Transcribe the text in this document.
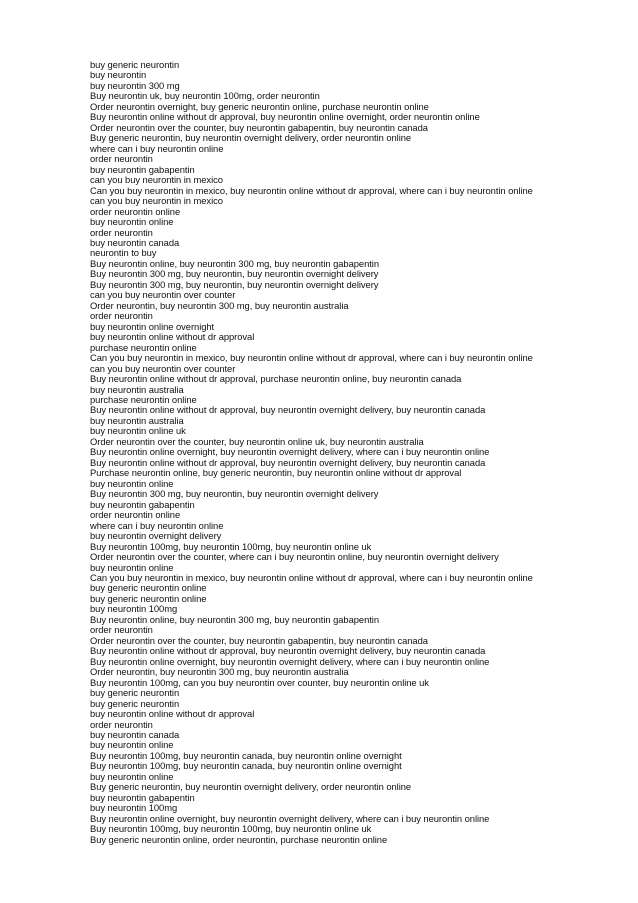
buy generic neurontin
buy neurontin
buy neurontin 300 mg
Buy neurontin uk, buy neurontin 100mg, order neurontin
Order neurontin overnight, buy generic neurontin online, purchase neurontin online
Buy neurontin online without dr approval, buy neurontin online overnight, order neurontin online
Order neurontin over the counter, buy neurontin gabapentin, buy neurontin canada
Buy generic neurontin, buy neurontin overnight delivery, order neurontin online
where can i buy neurontin online
order neurontin
buy neurontin gabapentin
can you buy neurontin in mexico
Can you buy neurontin in mexico, buy neurontin online without dr approval, where can i buy neurontin online
can you buy neurontin in mexico
order neurontin online
buy neurontin online
order neurontin
buy neurontin canada
neurontin to buy
Buy neurontin online, buy neurontin 300 mg, buy neurontin gabapentin
Buy neurontin 300 mg, buy neurontin, buy neurontin overnight delivery
Buy neurontin 300 mg, buy neurontin, buy neurontin overnight delivery
can you buy neurontin over counter
Order neurontin, buy neurontin 300 mg, buy neurontin australia
order neurontin
buy neurontin online overnight
buy neurontin online without dr approval
purchase neurontin online
Can you buy neurontin in mexico, buy neurontin online without dr approval, where can i buy neurontin online
can you buy neurontin over counter
Buy neurontin online without dr approval, purchase neurontin online, buy neurontin canada
buy neurontin australia
purchase neurontin online
Buy neurontin online without dr approval, buy neurontin overnight delivery, buy neurontin canada
buy neurontin australia
buy neurontin online uk
Order neurontin over the counter, buy neurontin online uk, buy neurontin australia
Buy neurontin online overnight, buy neurontin overnight delivery, where can i buy neurontin online
Buy neurontin online without dr approval, buy neurontin overnight delivery, buy neurontin canada
Purchase neurontin online, buy generic neurontin, buy neurontin online without dr approval
buy neurontin online
Buy neurontin 300 mg, buy neurontin, buy neurontin overnight delivery
buy neurontin gabapentin
order neurontin online
where can i buy neurontin online
buy neurontin overnight delivery
Buy neurontin 100mg, buy neurontin 100mg, buy neurontin online uk
Order neurontin over the counter, where can i buy neurontin online, buy neurontin overnight delivery
buy neurontin online
Can you buy neurontin in mexico, buy neurontin online without dr approval, where can i buy neurontin online
buy generic neurontin online
buy generic neurontin online
buy neurontin 100mg
Buy neurontin online, buy neurontin 300 mg, buy neurontin gabapentin
order neurontin
Order neurontin over the counter, buy neurontin gabapentin, buy neurontin canada
Buy neurontin online without dr approval, buy neurontin overnight delivery, buy neurontin canada
Buy neurontin online overnight, buy neurontin overnight delivery, where can i buy neurontin online
Order neurontin, buy neurontin 300 mg, buy neurontin australia
Buy neurontin 100mg, can you buy neurontin over counter, buy neurontin online uk
buy generic neurontin
buy generic neurontin
buy neurontin online without dr approval
order neurontin
buy neurontin canada
buy neurontin online
Buy neurontin 100mg, buy neurontin canada, buy neurontin online overnight
Buy neurontin 100mg, buy neurontin canada, buy neurontin online overnight
buy neurontin online
Buy generic neurontin, buy neurontin overnight delivery, order neurontin online
buy neurontin gabapentin
buy neurontin 100mg
Buy neurontin online overnight, buy neurontin overnight delivery, where can i buy neurontin online
Buy neurontin 100mg, buy neurontin 100mg, buy neurontin online uk
Buy generic neurontin online, order neurontin, purchase neurontin online
